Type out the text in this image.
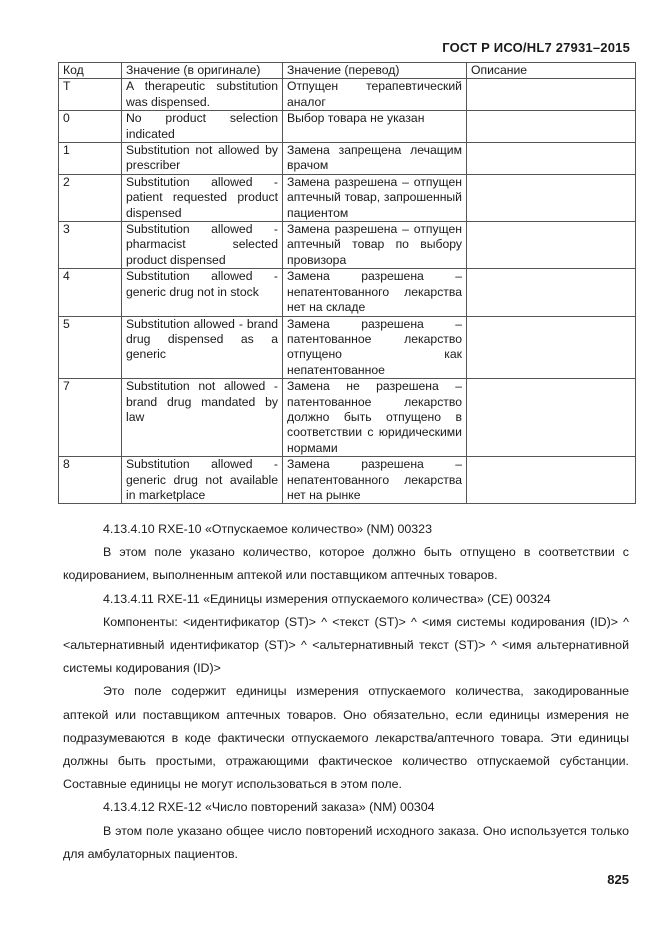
ГОСТ Р ИСО/HL7 27931–2015
Код	Значение (в оригинале)	Значение (перевод)	Описание
T	A therapeutic substitution was dispensed.	Отпущен терапевтический аналог	
0	No product selection indicated	Выбор товара не указан	
1	Substitution not allowed by prescriber	Замена запрещена лечащим врачом	
2	Substitution allowed - patient requested product dispensed	Замена разрешена – отпущен аптечный товар, запрошенный пациентом	
3	Substitution allowed - pharmacist selected product dispensed	Замена разрешена – отпущен аптечный товар по выбору провизора	
4	Substitution allowed - generic drug not in stock	Замена разрешена – непатентованного лекарства нет на складе	
5	Substitution allowed - brand drug dispensed as a generic	Замена разрешена – патентованное лекарство отпущено как непатентованное	
7	Substitution not allowed - brand drug mandated by law	Замена не разрешена – патентованное лекарство должно быть отпущено в соответствии с юридическими нормами	
8	Substitution allowed - generic drug not available in marketplace	Замена разрешена – непатентованного лекарства нет на рынке	

4.13.4.10 RXE-10 «Отпускаемое количество» (NM) 00323

В этом поле указано количество, которое должно быть отпущено в соответствии с кодированием, выполненным аптекой или поставщиком аптечных товаров.

4.13.4.11 RXE-11 «Единицы измерения отпускаемого количества» (CE) 00324

Компоненты: <идентификатор (ST)> ^ <текст (ST)> ^ <имя системы кодирования (ID)> ^ <альтернативный идентификатор (ST)> ^ <альтернативный текст (ST)> ^ <имя альтернативной системы кодирования (ID)>

Это поле содержит единицы измерения отпускаемого количества, закодированные аптекой или поставщиком аптечных товаров. Оно обязательно, если единицы измерения не подразумеваются в коде фактически отпускаемого лекарства/аптечного товара. Эти единицы должны быть простыми, отражающими фактическое количество отпускаемой субстанции. Составные единицы не могут использоваться в этом поле.

4.13.4.12 RXE-12 «Число повторений заказа» (NM) 00304

В этом поле указано общее число повторений исходного заказа. Оно используется только для амбулаторных пациентов.

825
